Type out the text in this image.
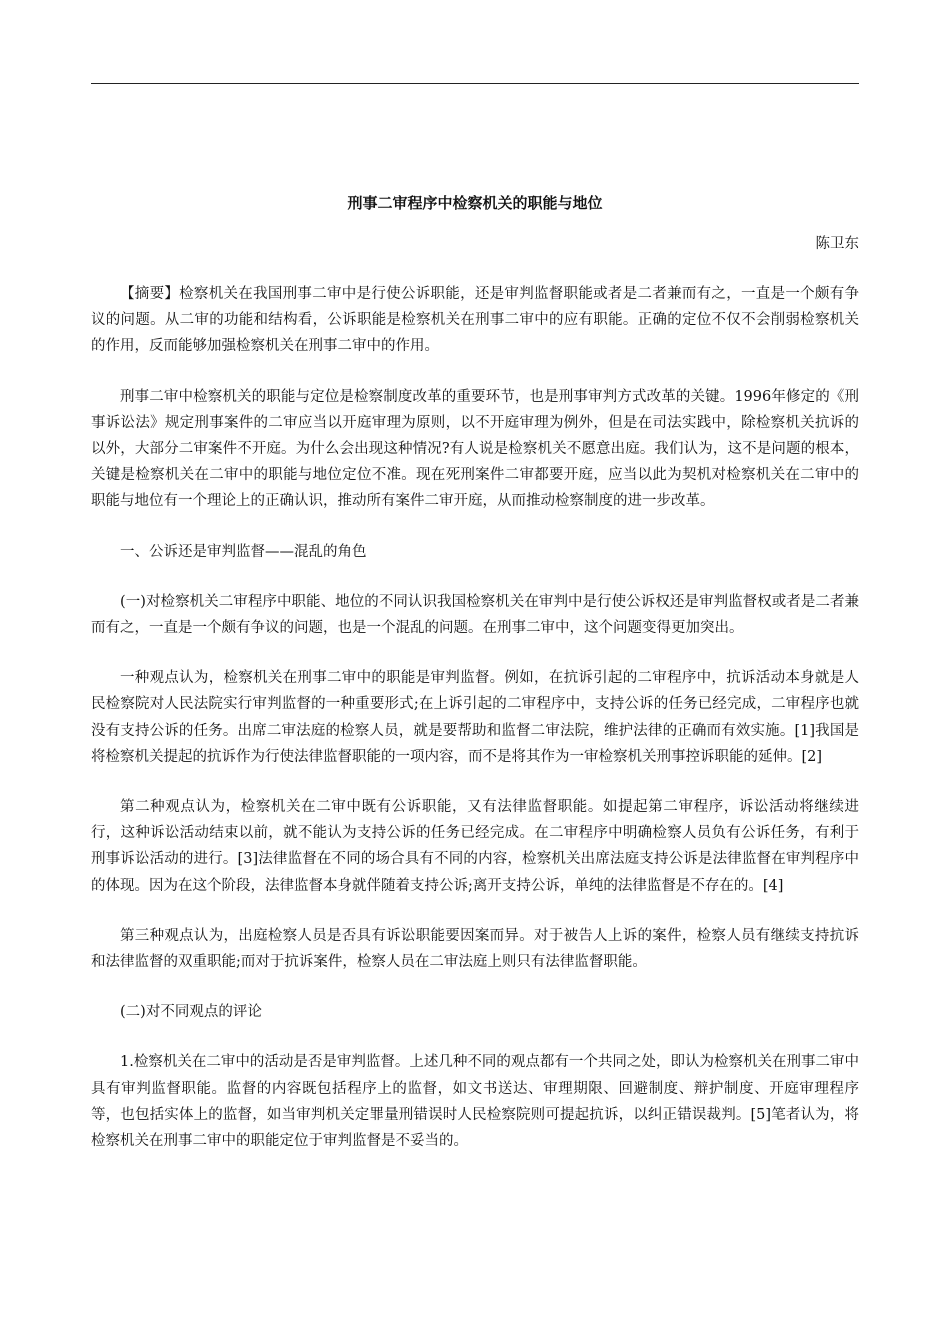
刑事二审程序中检察机关的职能与地位
陈卫东

【摘要】检察机关在我国刑事二审中是行使公诉职能，还是审判监督职能或者是二者兼而有之，一直是一个颇有争议的问题。从二审的功能和结构看，公诉职能是检察机关在刑事二审中的应有职能。正确的定位不仅不会削弱检察机关的作用，反而能够加强检察机关在刑事二审中的作用。

刑事二审中检察机关的职能与定位是检察制度改革的重要环节，也是刑事审判方式改革的关键。1996年修定的《刑事诉讼法》规定刑事案件的二审应当以开庭审理为原则，以不开庭审理为例外，但是在司法实践中，除检察机关抗诉的以外，大部分二审案件不开庭。为什么会出现这种情况?有人说是检察机关不愿意出庭。我们认为，这不是问题的根本，关键是检察机关在二审中的职能与地位定位不准。现在死刑案件二审都要开庭，应当以此为契机对检察机关在二审中的职能与地位有一个理论上的正确认识，推动所有案件二审开庭，从而推动检察制度的进一步改革。

一、公诉还是审判监督——混乱的角色

(一)对检察机关二审程序中职能、地位的不同认识我国检察机关在审判中是行使公诉权还是审判监督权或者是二者兼而有之，一直是一个颇有争议的问题，也是一个混乱的问题。在刑事二审中，这个问题变得更加突出。

一种观点认为，检察机关在刑事二审中的职能是审判监督。例如，在抗诉引起的二审程序中，抗诉活动本身就是人民检察院对人民法院实行审判监督的一种重要形式;在上诉引起的二审程序中，支持公诉的任务已经完成，二审程序也就没有支持公诉的任务。出席二审法庭的检察人员，就是要帮助和监督二审法院，维护法律的正确而有效实施。[1]我国是将检察机关提起的抗诉作为行使法律监督职能的一项内容，而不是将其作为一审检察机关刑事控诉职能的延伸。[2]

第二种观点认为，检察机关在二审中既有公诉职能，又有法律监督职能。如提起第二审程序，诉讼活动将继续进行，这种诉讼活动结束以前，就不能认为支持公诉的任务已经完成。在二审程序中明确检察人员负有公诉任务，有利于刑事诉讼活动的进行。[3]法律监督在不同的场合具有不同的内容，检察机关出席法庭支持公诉是法律监督在审判程序中的体现。因为在这个阶段，法律监督本身就伴随着支持公诉;离开支持公诉，单纯的法律监督是不存在的。[4]

第三种观点认为，出庭检察人员是否具有诉讼职能要因案而异。对于被告人上诉的案件，检察人员有继续支持抗诉和法律监督的双重职能;而对于抗诉案件，检察人员在二审法庭上则只有法律监督职能。

(二)对不同观点的评论

1.检察机关在二审中的活动是否是审判监督。上述几种不同的观点都有一个共同之处，即认为检察机关在刑事二审中具有审判监督职能。监督的内容既包括程序上的监督，如文书送达、审理期限、回避制度、辩护制度、开庭审理程序等，也包括实体上的监督，如当审判机关定罪量刑错误时人民检察院则可提起抗诉，以纠正错误裁判。[5]笔者认为，将检察机关在刑事二审中的职能定位于审判监督是不妥当的。
